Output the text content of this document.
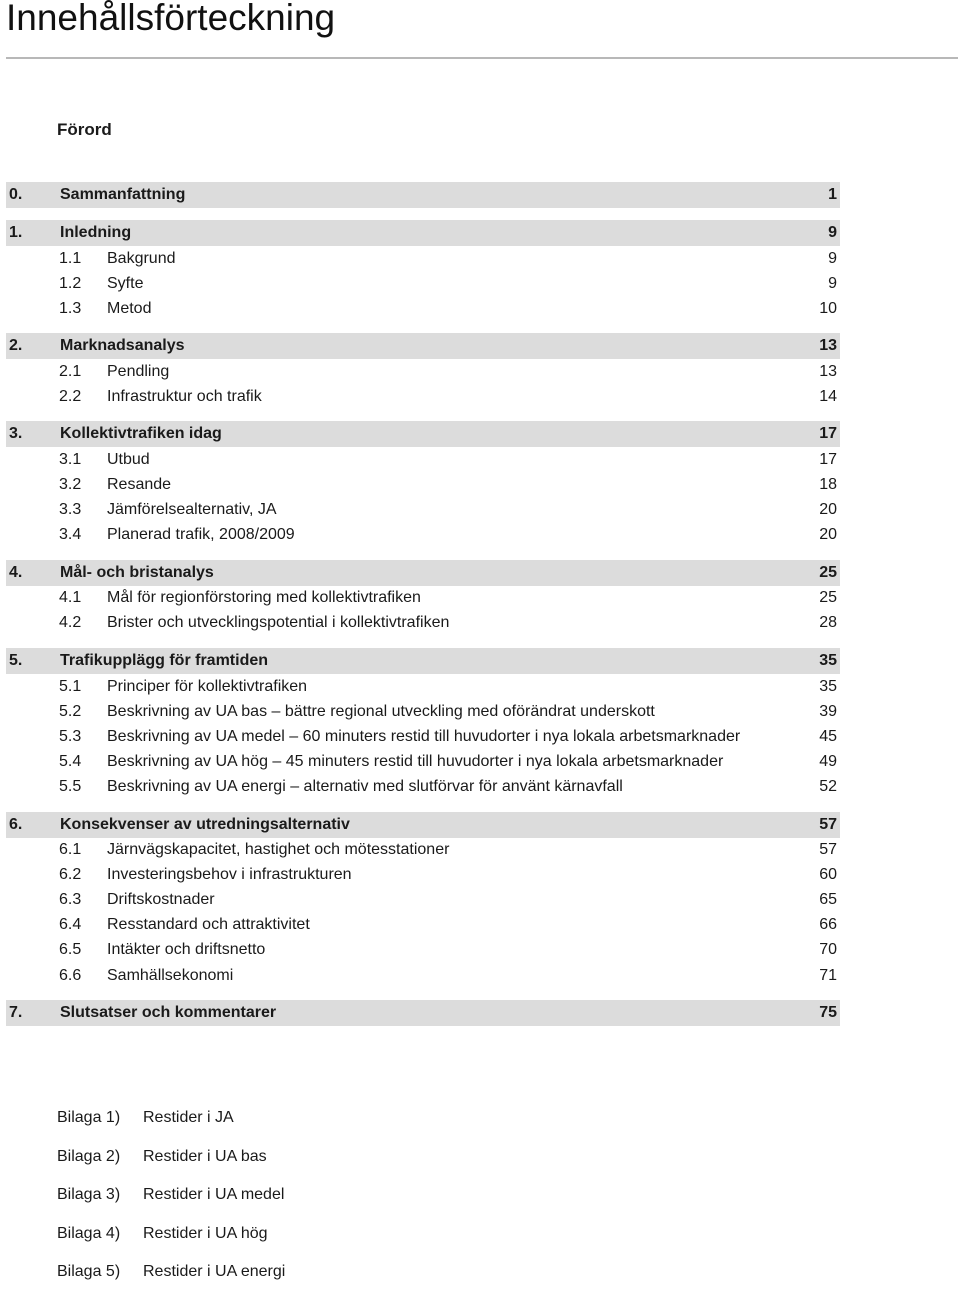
Innehållsförteckning
Förord
0.	Sammanfattning	1
1.	Inledning	9
1.1	Bakgrund	9
1.2	Syfte	9
1.3	Metod	10
2.	Marknadsanalys	13
2.1	Pendling	13
2.2	Infrastruktur och trafik	14
3.	Kollektivtrafiken idag	17
3.1	Utbud	17
3.2	Resande	18
3.3	Jämförelsealternativ, JA	20
3.4	Planerad trafik, 2008/2009	20
4.	Mål- och bristanalys	25
4.1	Mål för regionförstoring med kollektivtrafiken	25
4.2	Brister och utvecklingspotential i kollektivtrafiken	28
5.	Trafikupplägg för framtiden	35
5.1	Principer för kollektivtrafiken	35
5.2	Beskrivning av UA bas – bättre regional utveckling med oförändrat underskott	39
5.3	Beskrivning av UA medel – 60 minuters restid till huvudorter i nya lokala arbetsmarknader	45
5.4	Beskrivning av UA hög – 45 minuters restid till huvudorter i nya lokala arbetsmarknader	49
5.5	Beskrivning av UA energi – alternativ med slutförvar för använt kärnavfall	52
6.	Konsekvenser av utredningsalternativ	57
6.1	Järnvägskapacitet, hastighet och mötesstationer	57
6.2	Investeringsbehov i infrastrukturen	60
6.3	Driftskostnader	65
6.4	Resstandard och attraktivitet	66
6.5	Intäkter och driftsnetto	70
6.6	Samhällsekonomi	71
7.	Slutsatser och kommentarer	75
Bilaga 1)	Restider i JA
Bilaga 2)	Restider i UA bas
Bilaga 3)	Restider i UA medel
Bilaga 4)	Restider i UA hög
Bilaga 5)	Restider i UA energi
